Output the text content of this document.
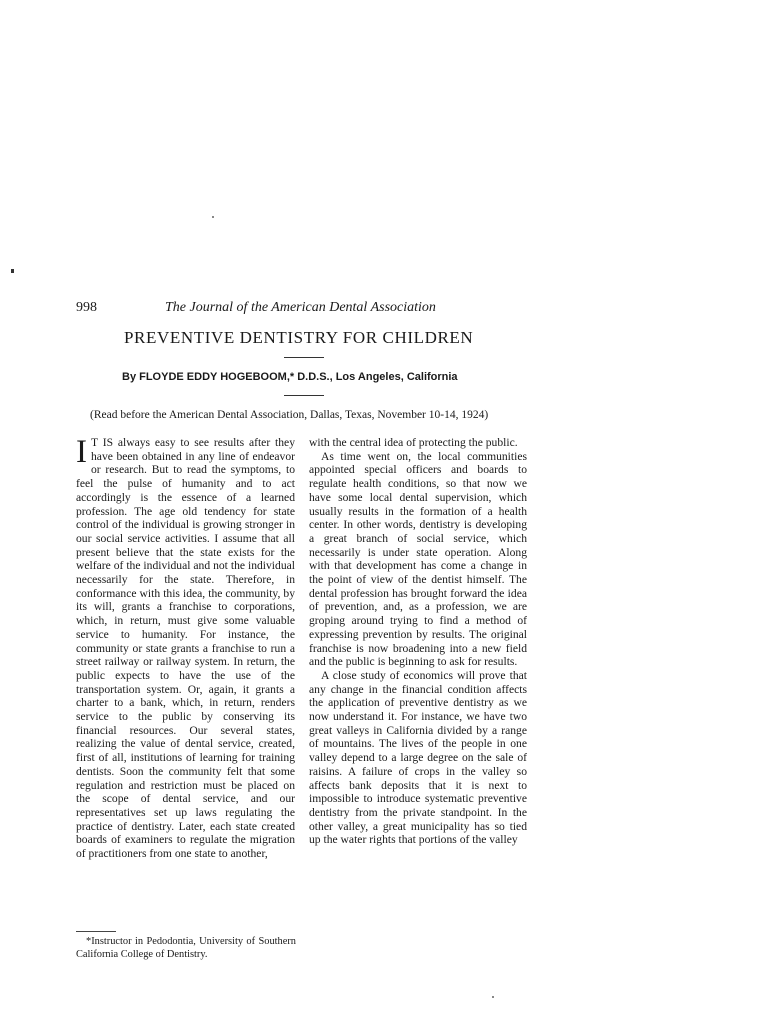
998	The Journal of the American Dental Association
PREVENTIVE DENTISTRY FOR CHILDREN
By FLOYDE EDDY HOGEBOOM,* D.D.S., Los Angeles, California
(Read before the American Dental Association, Dallas, Texas, November 10-14, 1924)

I T IS always easy to see results after they have been obtained in any line of endeavor or research. But to read the symptoms, to feel the pulse of humanity and to act accordingly is the essence of a learned profession. The age old tendency for state control of the individual is growing stronger in our social service activities. I assume that all present believe that the state exists for the welfare of the individual and not the individual necessarily for the state. Therefore, in conformance with this idea, the community, by its will, grants a franchise to corporations, which, in return, must give some valuable service to humanity. For instance, the community or state grants a franchise to run a street railway or railway system. In return, the public expects to have the use of the transportation system. Or, again, it grants a charter to a bank, which, in return, renders service to the public by conserving its financial resources. Our several states, realizing the value of dental service, created, first of all, institutions of learning for training dentists. Soon the community felt that some regulation and restriction must be placed on the scope of dental service, and our representatives set up laws regulating the practice of dentistry. Later, each state created boards of examiners to regulate the migration of practitioners from one state to another,

with the central idea of protecting the public.

As time went on, the local communities appointed special officers and boards to regulate health conditions, so that now we have some local dental supervision, which usually results in the formation of a health center. In other words, dentistry is developing a great branch of social service, which necessarily is under state operation. Along with that development has come a change in the point of view of the dentist himself. The dental profession has brought forward the idea of prevention, and, as a profession, we are groping around trying to find a method of expressing prevention by results. The original franchise is now broadening into a new field and the public is beginning to ask for results.

A close study of economics will prove that any change in the financial condition affects the application of preventive dentistry as we now understand it. For instance, we have two great valleys in California divided by a range of mountains. The lives of the people in one valley depend to a large degree on the sale of raisins. A failure of crops in the valley so affects bank deposits that it is next to impossible to introduce systematic preventive dentistry from the private standpoint. In the other valley, a great municipality has so tied up the water rights that portions of the valley

*Instructor in Pedodontia, University of Southern California College of Dentistry.
